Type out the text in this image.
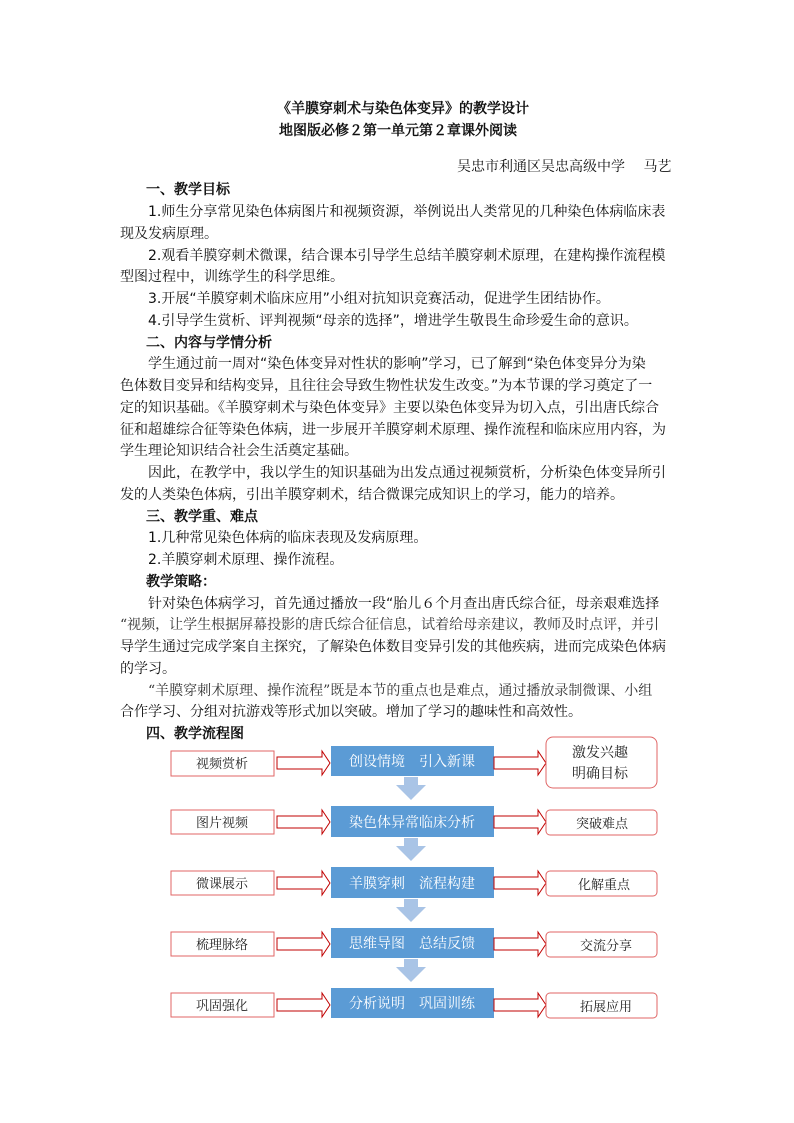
《羊膜穿刺术与染色体变异》的教学设计
地图版必修２第一单元第２章课外阅读
吴忠市利通区吴忠高级中学　 马艺
一、教学目标
1.师生分享常见染色体病图片和视频资源，举例说出人类常见的几种染色体病临床表
现及发病原理。
2.观看羊膜穿刺术微课，结合课本引导学生总结羊膜穿刺术原理，在建构操作流程模
型图过程中，训练学生的科学思维。
3.开展“羊膜穿刺术临床应用”小组对抗知识竞赛活动，促进学生团结协作。
4.引导学生赏析、评判视频“母亲的选择”，增进学生敬畏生命珍爱生命的意识。
二、内容与学情分析
学生通过前一周对“染色体变异对性状的影响”学习，已了解到“染色体变异分为染
色体数目变异和结构变异，且往往会导致生物性状发生改变。”为本节课的学习奠定了一
定的知识基础。《羊膜穿刺术与染色体变异》主要以染色体变异为切入点，引出唐氏综合
征和超雄综合征等染色体病，进一步展开羊膜穿刺术原理、操作流程和临床应用内容，为
学生理论知识结合社会生活奠定基础。
因此，在教学中，我以学生的知识基础为出发点通过视频赏析，分析染色体变异所引
发的人类染色体病，引出羊膜穿刺术，结合微课完成知识上的学习，能力的培养。
三、教学重、难点
1.几种常见染色体病的临床表现及发病原理。
2.羊膜穿刺术原理、操作流程。
教学策略：
针对染色体病学习，首先通过播放一段“胎儿６个月查出唐氏综合征，母亲艰难选择
“视频，让学生根据屏幕投影的唐氏综合征信息，试着给母亲建议，教师及时点评，并引
导学生通过完成学案自主探究，了解染色体数目变异引发的其他疾病，进而完成染色体病
的学习。
“羊膜穿刺术原理、操作流程”既是本节的重点也是难点，通过播放录制微课、小组
合作学习、分组对抗游戏等形式加以突破。增加了学习的趣味性和高效性。
四、教学流程图
视频赏析	创设情境　引入新课
激发兴趣
明确目标
图片视频	染色体异常临床分析	突破难点
微课展示	羊膜穿刺　流程构建	化解重点
梳理脉络	思维导图　总结反馈	交流分享
巩固强化	分析说明　巩固训练	拓展应用
